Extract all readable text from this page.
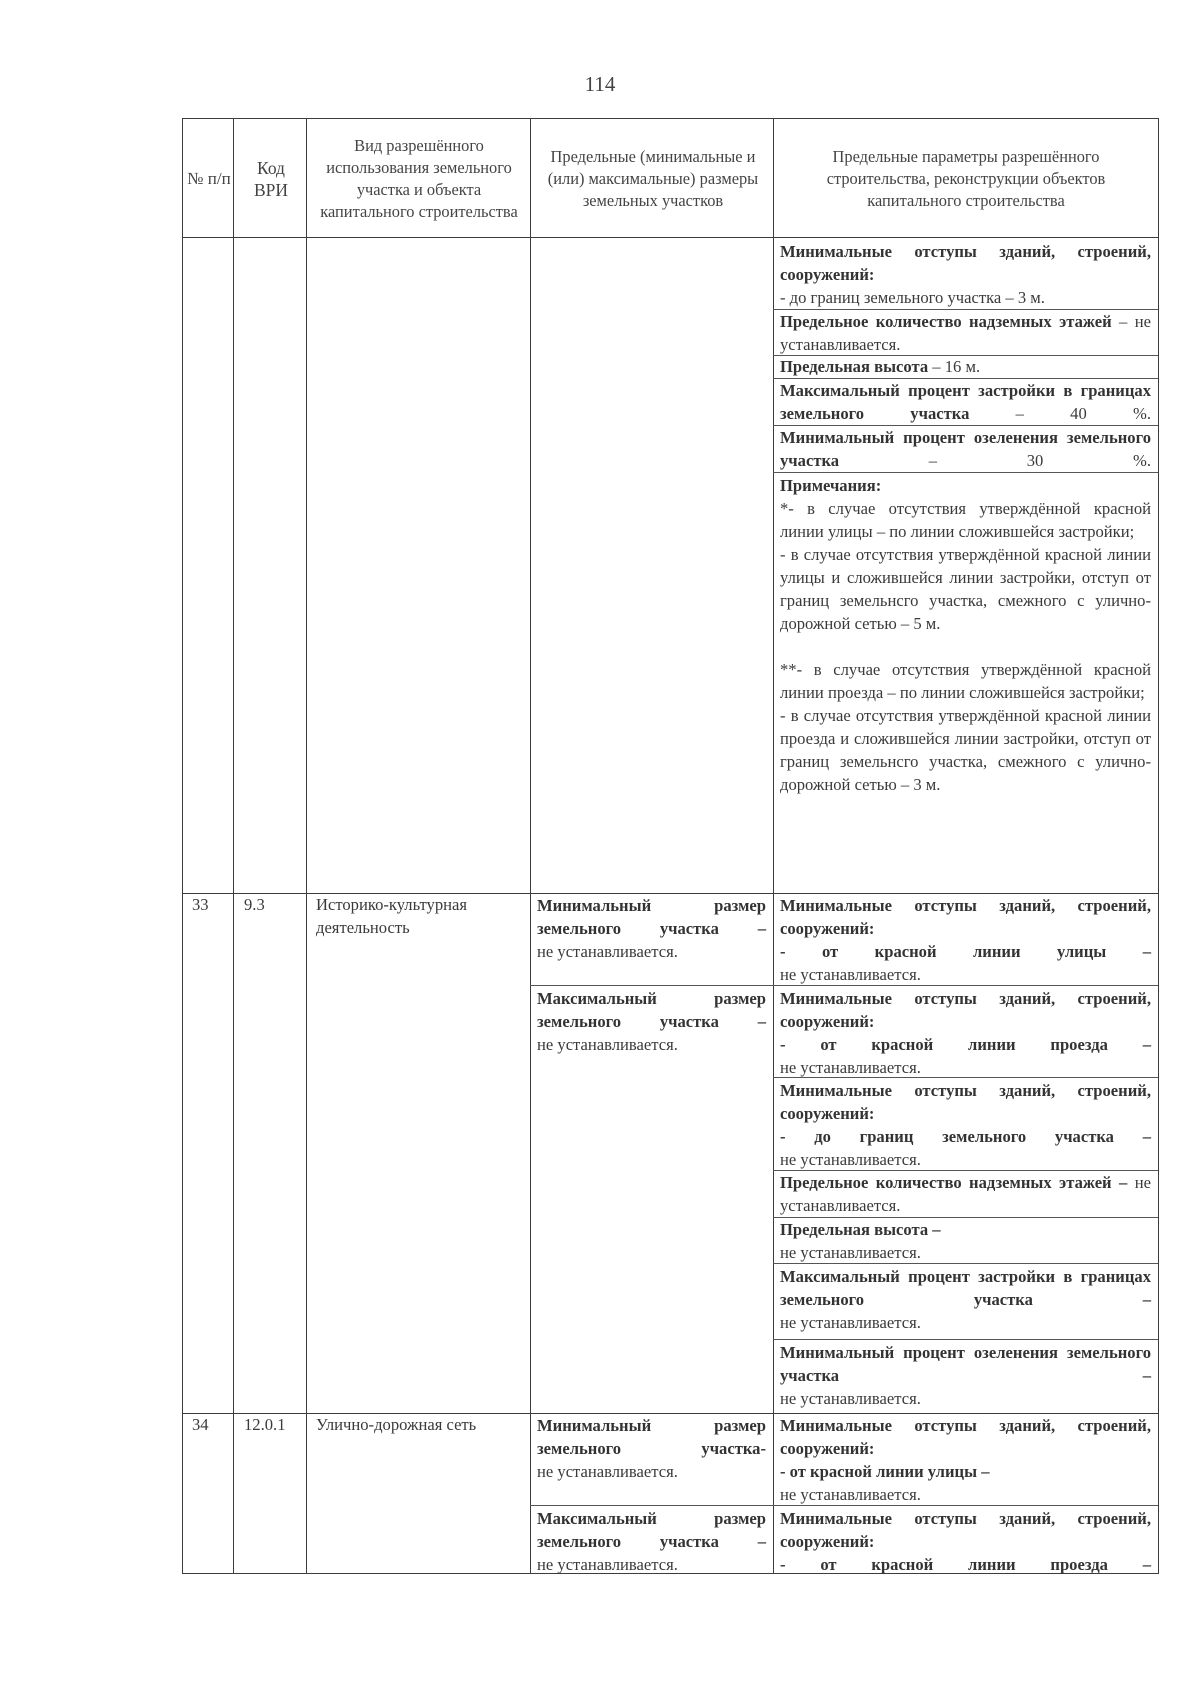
114
№ п/п
Код ВРИ
Вид разрешённого использования земельного участка и объекта капитального строительства
Предельные (минимальные и (или) максимальные) размеры земельных участков
Предельные параметры разрешённого строительства, реконструкции объектов капитального строительства

Минимальные отступы зданий, строений, сооружений:

- до границ земельного участка – 3 м.

Предельное количество надземных этажей – не устанавливается.

Предельная высота – 16 м.

Максимальный процент застройки в границах земельного участка – 40 %.

Минимальный процент озеленения земельного участка – 30 %.

Примечания:

*- в случае отсутствия утверждённой красной линии улицы – по линии сложившейся застройки;

- в случае отсутствия утверждённой красной линии улицы и сложившейся линии застройки, отступ от границ земельнсго участка, смежного с улично-дорожной сетью – 5 м.

**- в случае отсутствия утверждённой красной линии проезда – по линии сложившейся застройки;

- в случае отсутствия утверждённой красной линии проезда и сложившейся линии застройки, отступ от границ земельнсго участка, смежного с улично-дорожной сетью – 3 м.

33 9.3	Историко-культурная деятельность

Минимальный размер земельного участка –

не устанавливается.

Максимальный размер земельного участка –

не устанавливается.

Минимальные отступы зданий, строений, сооружений:

- от красной линии улицы –

не устанавливается.

Минимальные отступы зданий, строений, сооружений:

- от красной линии проезда –

не устанавливается.

Минимальные отступы зданий, строений, сооружений:

- до границ земельного участка –

не устанавливается.

Предельное количество надземных этажей – не устанавливается.

Предельная высота –

не устанавливается.

Максимальный процент застройки в границах земельного участка –

не устанавливается.

Минимальный процент озеленения земельного участка –

не устанавливается.

34 12.0.1 Улично-дорожная сеть	Минимальный размер земельного участка-

не устанавливается.

Максимальный размер земельного участка –

не устанавливается.

Минимальные отступы зданий, строений, сооружений:

- от красной линии улицы –

не устанавливается.

Минимальные отступы зданий, строений, сооружений:

- от красной линии проезда –
